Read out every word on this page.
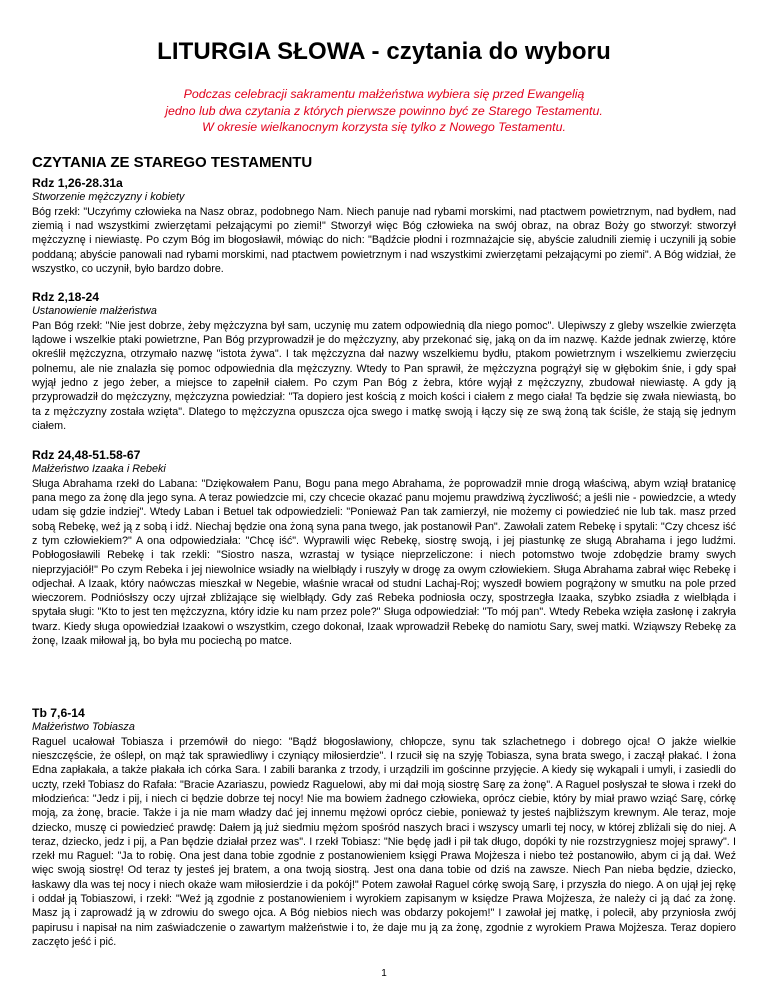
LITURGIA SŁOWA - czytania do wyboru
Podczas celebracji sakramentu małżeństwa wybiera się przed Ewangelią
jedno lub dwa czytania z których pierwsze powinno być ze Starego Testamentu.
W okresie wielkanocnym korzysta się tylko z Nowego Testamentu.
CZYTANIA ZE STAREGO TESTAMENTU

Rdz 1,26-28.31a

Stworzenie mężczyzny i kobiety

Bóg rzekł: "Uczyńmy człowieka na Nasz obraz, podobnego Nam. Niech panuje nad rybami morskimi, nad ptactwem powietrznym, nad bydłem, nad ziemią i nad wszystkimi zwierzętami pełzającymi po ziemi!" Stworzył więc Bóg człowieka na swój obraz, na obraz Boży go stworzył: stworzył mężczyznę i niewiastę. Po czym Bóg im błogosławił, mówiąc do nich: "Bądźcie płodni i rozmnażajcie się, abyście zaludnili ziemię i uczynili ją sobie poddaną; abyście panowali nad rybami morskimi, nad ptactwem powietrznym i nad wszystkimi zwierzętami pełzającymi po ziemi". A Bóg widział, że wszystko, co uczynił, było bardzo dobre.

Rdz 2,18-24

Ustanowienie małżeństwa

Pan Bóg rzekł: "Nie jest dobrze, żeby mężczyzna był sam, uczynię mu zatem odpowiednią dla niego pomoc". Ulepiwszy z gleby wszelkie zwierzęta lądowe i wszelkie ptaki powietrzne, Pan Bóg przyprowadził je do mężczyzny, aby przekonać się, jaką on da im nazwę. Każde jednak zwierzę, które określił mężczyzna, otrzymało nazwę "istota żywa". I tak mężczyzna dał nazwy wszelkiemu bydłu, ptakom powietrznym i wszelkiemu zwierzęciu polnemu, ale nie znalazła się pomoc odpowiednia dla mężczyzny. Wtedy to Pan sprawił, że mężczyzna pogrążył się w głębokim śnie, i gdy spał wyjął jedno z jego żeber, a miejsce to zapełnił ciałem. Po czym Pan Bóg z żebra, które wyjął z mężczyzny, zbudował niewiastę. A gdy ją przyprowadził do mężczyzny, mężczyzna powiedział: "Ta dopiero jest kością z moich kości i ciałem z mego ciała! Ta będzie się zwała niewiastą, bo ta z mężczyzny została wzięta". Dlatego to mężczyzna opuszcza ojca swego i matkę swoją i łączy się ze swą żoną tak ściśle, że stają się jednym ciałem.

Rdz 24,48-51.58-67

Małżeństwo Izaaka i Rebeki

Sługa Abrahama rzekł do Labana: "Dziękowałem Panu, Bogu pana mego Abrahama, że poprowadził mnie drogą właściwą, abym wziął bratanicę pana mego za żonę dla jego syna. A teraz powiedzcie mi, czy chcecie okazać panu mojemu prawdziwą życzliwość; a jeśli nie - powiedzcie, a wtedy udam się gdzie indziej". Wtedy Laban i Betuel tak odpowiedzieli: "Ponieważ Pan tak zamierzył, nie możemy ci powiedzieć nie lub tak. masz przed sobą Rebekę, weź ją z sobą i idź. Niechaj będzie ona żoną syna pana twego, jak postanowił Pan". Zawołali zatem Rebekę i spytali: "Czy chcesz iść z tym człowiekiem?" A ona odpowiedziała: "Chcę iść". Wyprawili więc Rebekę, siostrę swoją, i jej piastunkę ze sługą Abrahama i jego ludźmi. Pobłogosławili Rebekę i tak rzekli: "Siostro nasza, wzrastaj w tysiące nieprzeliczone: i niech potomstwo twoje zdobędzie bramy swych nieprzyjaciół!" Po czym Rebeka i jej niewolnice wsiadły na wielbłądy i ruszyły w drogę za owym człowiekiem. Sługa Abrahama zabrał więc Rebekę i odjechał. A Izaak, który naówczas mieszkał w Negebie, właśnie wracał od studni Lachaj-Roj; wyszedł bowiem pogrążony w smutku na pole przed wieczorem. Podniósłszy oczy ujrzał zbliżające się wielbłądy. Gdy zaś Rebeka podniosła oczy, spostrzegła Izaaka, szybko zsiadła z wielbłąda i spytała sługi: "Kto to jest ten mężczyzna, który idzie ku nam przez pole?" Sługa odpowiedział: "To mój pan". Wtedy Rebeka wzięła zasłonę i zakryła twarz. Kiedy sługa opowiedział Izaakowi o wszystkim, czego dokonał, Izaak wprowadził Rebekę do namiotu Sary, swej matki. Wziąwszy Rebekę za żonę, Izaak miłował ją, bo była mu pociechą po matce.

Tb 7,6-14

Małżeństwo Tobiasza

Raguel ucałował Tobiasza i przemówił do niego: "Bądź błogosławiony, chłopcze, synu tak szlachetnego i dobrego ojca! O jakże wielkie nieszczęście, że oślepł, on mąż tak sprawiedliwy i czyniący miłosierdzie". I rzucił się na szyję Tobiasza, syna brata swego, i zaczął płakać. I żona Edna zapłakała, a także płakała ich córka Sara. I zabili baranka z trzody, i urządzili im gościnne przyjęcie. A kiedy się wykąpali i umyli, i zasiedli do uczty, rzekł Tobiasz do Rafała: "Bracie Azariaszu, powiedz Raguelowi, aby mi dał moją siostrę Sarę za żonę". A Raguel posłyszał te słowa i rzekł do młodzieńca: "Jedz i pij, i niech ci będzie dobrze tej nocy! Nie ma bowiem żadnego człowieka, oprócz ciebie, który by miał prawo wziąć Sarę, córkę moją, za żonę, bracie. Także i ja nie mam władzy dać jej innemu mężowi oprócz ciebie, ponieważ ty jesteś najbliższym krewnym. Ale teraz, moje dziecko, muszę ci powiedzieć prawdę: Dałem ją już siedmiu mężom spośród naszych braci i wszyscy umarli tej nocy, w której zbliżali się do niej. A teraz, dziecko, jedz i pij, a Pan będzie działał przez was". I rzekł Tobiasz: "Nie będę jadł i pił tak długo, dopóki ty nie rozstrzygniesz mojej sprawy". I rzekł mu Raguel: "Ja to robię. Ona jest dana tobie zgodnie z postanowieniem księgi Prawa Mojżesza i niebo też postanowiło, abym ci ją dał. Weź więc swoją siostrę! Od teraz ty jesteś jej bratem, a ona twoją siostrą. Jest ona dana tobie od dziś na zawsze. Niech Pan nieba będzie, dziecko, łaskawy dla was tej nocy i niech okaże wam miłosierdzie i da pokój!" Potem zawołał Raguel córkę swoją Sarę, i przyszła do niego. A on ujął jej rękę i oddał ją Tobiaszowi, i rzekł: "Weź ją zgodnie z postanowieniem i wyrokiem zapisanym w księdze Prawa Mojżesza, że należy ci ją dać za żonę. Masz ją i zaprowadź ją w zdrowiu do swego ojca. A Bóg niebios niech was obdarzy pokojem!" I zawołał jej matkę, i polecił, aby przyniosła zwój papirusu i napisał na nim zaświadczenie o zawartym małżeństwie i to, że daje mu ją za żonę, zgodnie z wyrokiem Prawa Mojżesza. Teraz dopiero zaczęto jeść i pić.

1
